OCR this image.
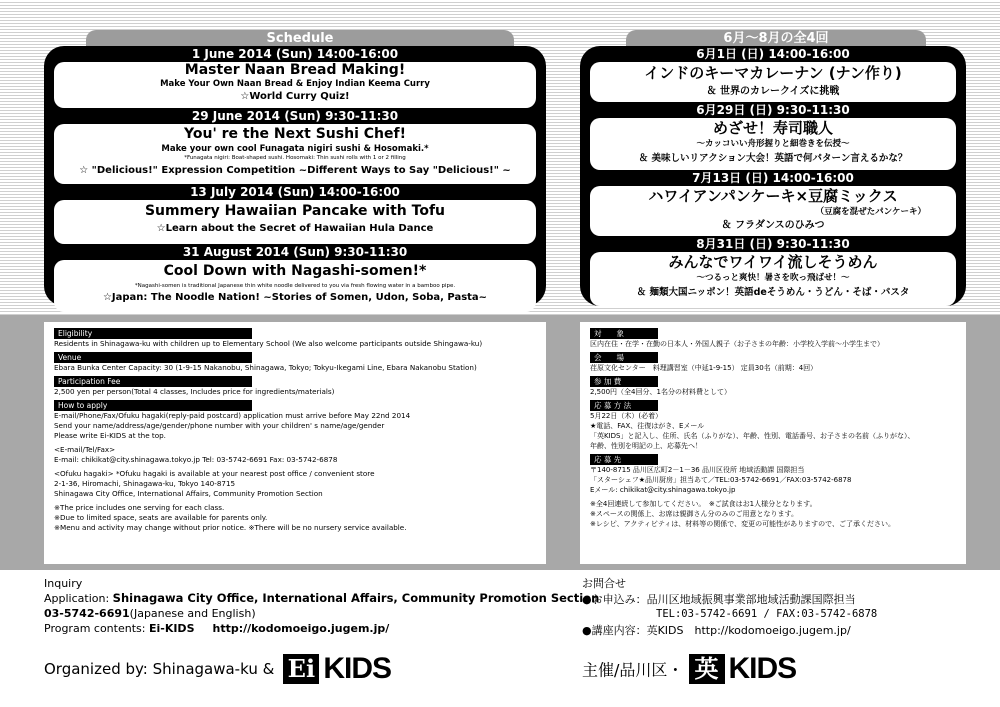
Schedule
1 June 2014 (Sun) 14:00-16:00
Master Naan Bread Making!
Make Your Own Naan Bread & Enjoy Indian Keema Curry
☆World Curry Quiz!
29 June 2014 (Sun) 9:30-11:30
You' re the Next Sushi Chef!
Make your own cool Funagata nigiri sushi & Hosomaki.*
*Funagata nigiri: Boat-shaped sushi. Hosomaki: Thin sushi rolls with 1 or 2 filling
☆ "Delicious!" Expression Competition ~Different Ways to Say "Delicious!" ~
13 July 2014 (Sun) 14:00-16:00
Summery Hawaiian Pancake with Tofu
☆Learn about the Secret of Hawaiian Hula Dance
31 August 2014 (Sun) 9:30-11:30
Cool Down with Nagashi-somen!*
*Nagashi-somen is traditional Japanese thin white noodle delivered to you via fresh flowing water in a bamboo pipe.
☆Japan: The Noodle Nation! ~Stories of Somen, Udon, Soba, Pasta~
6月～8月の全4回
6月1日 (日) 14:00-16:00
インドのキーマカレーナン (ナン作り)
＆ 世界のカレークイズに挑戦
6月29日 (日) 9:30-11:30
めざせ！寿司職人
～カッコいい舟形握りと細巻きを伝授～
＆ 美味しいリアクション大会！英語で何パターン言えるかな？
7月13日 (日) 14:00-16:00
ハワイアンパンケーキ×豆腐ミックス
（豆腐を混ぜたパンケーキ）
＆ フラダンスのひみつ
8月31日 (日) 9:30-11:30
みんなでワイワイ流しそうめん
～つるっと爽快！暑さを吹っ飛ばせ！～
＆ 麺類大国ニッポン！英語deそうめん・うどん・そば・パスタ
Eligibility
Residents in Shinagawa-ku with children up to Elementary School (We also welcome participants outside Shingawa-ku)
Venue
Ebara Bunka Center Capacity: 30 (1-9-15 Nakanobu, Shinagawa, Tokyo; Tokyu-Ikegami Line, Ebara Nakanobu Station)
Participation Fee
2,500 yen per person(Total 4 classes, Includes price for ingredients/materials)
How to apply
E-mail/Phone/Fax/Ofuku hagaki(reply-paid postcard) application must arrive before May 22nd 2014
Send your name/address/age/gender/phone number with your children' s name/age/gender
Please write Ei-KIDS at the top.
<E-mail/Tel/Fax>
E-mail: chikikat@city.shinagawa.tokyo.jp Tel: 03-5742-6691 Fax: 03-5742-6878
<Ofuku hagaki> *Ofuku hagaki is available at your nearest post office / convenient store
2-1-36, Hiromachi, Shinagawa-ku, Tokyo 140-8715
Shinagawa City Office, International Affairs, Community Promotion Section
※The price includes one serving for each class.
※Due to limited space, seats are available for parents only.
※Menu and activity may change without prior notice. ※There will be no nursery service available.
対　　象
区内在住・在学・在勤の日本人・外国人親子（お子さまの年齢：小学校入学前～小学生まで）
会　　場
荏原文化センター　料理講習室（中延1-9-15） 定員30名（前期：4回）
参 加 費
2,500円（全4回分、1名分の材料費として）
応 募 方 法
5月22日（木）(必着）
★電話、FAX、往復はがき、Eメール
「英KIDS」と記入し、住所、氏名（ふりがな）、年齢、性別、電話番号、お子さまの名前（ふりがな）、
年齢、性別を明記の上、応募先へ！
応 募 先
〒140-8715 品川区広町2－1－36 品川区役所 地域活動課 国際担当
「スターシェフ★品川厨房」担当あて／TEL:03-5742-6691／FAX:03-5742-6878
Eメール: chikikat@city.shinagawa.tokyo.jp
※全4回連続して参加してください。　※ご試食はお1人様分となります。
※スペースの関係上、お席は親御さん分のみのご用意となります。
※レシピ、アクティビティは、材料等の関係で、変更の可能性がありますので、ご了承ください。
Inquiry
Application: Shinagawa City Office, International Affairs, Community Promotion Section
03-5742-6691(Japanese and English)
Program contents: Ei-KIDS http://kodomoeigo.jugem.jp/
Organized by: Shinagawa-ku & Ei KIDS
お問合せ
●お申込み：品川区地域振興事業部地域活動課国際担当
TEL:03-5742-6691 / FAX:03-5742-6878
●講座内容：英KIDS　http://kodomoeigo.jugem.jp/
主催/品川区・ 英 KIDS
